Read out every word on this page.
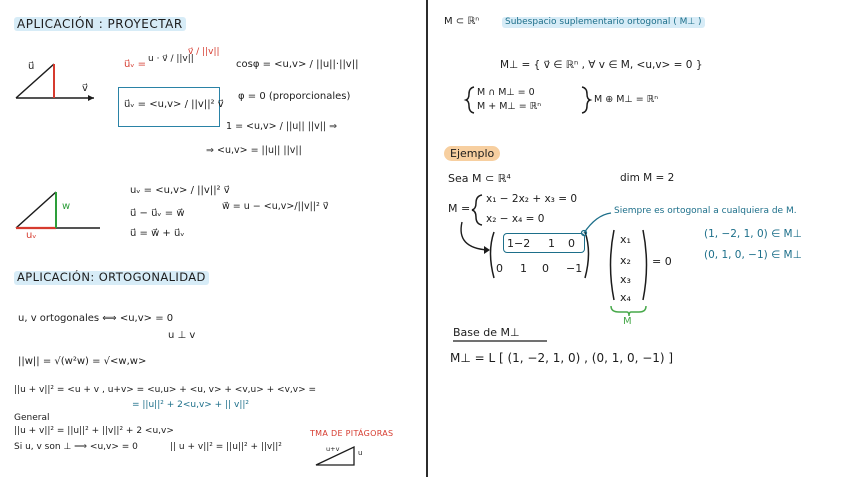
APLICACIÓN : PROYECTAR
u⃗
v⃗
u⃗ᵥ = u · v⃗ / ||v||
v⃗ / ||v||
cosφ = <u,v> / ||u||·||v||
u⃗ᵥ = <u,v> / ||v||² v⃗
φ = 0 (proporcionales)
1 = <u,v> / ||u|| ||v|| ⇒
⇒ <u,v> = ||u|| ||v||
uᵥ = <u,v> / ||v||² v⃗
u⃗ − u⃗ᵥ = w⃗
u⃗ = w⃗ + u⃗ᵥ
w⃗ = u − <u,v>/||v||² v⃗
w
uᵥ
APLICACIÓN: ORTOGONALIDAD
u, v ortogonales ⟺ <u,v> = 0
u ⊥ v
||w|| = √(w²w) = √<w,w>
||u + v||² = <u + v , u+v> = <u,u> + <u, v> + <v,u> + <v,v> =
= ||u||² + 2<u,v> + || v||²
General
||u + v||² = ||u||² + ||v||² + 2 <u,v>
Si u, v son ⊥ ⟹ <u,v> = 0	|| u + v||² = ||u||² + ||v||²
TMA DE PITÁGORAS
u+v	u
M ⊂ ℝⁿ	Subespacio suplementario ortogonal ( M⊥ )
M⊥ = { v⃗ ∈ ℝⁿ , ∀ v ∈ M, <u,v> = 0 }
M ∩ M⊥ = 0
M + M⊥ = ℝⁿ
M ⊕ M⊥ = ℝⁿ
Ejemplo
Sea M ⊂ ℝ⁴	dim M = 2
M =
x₁ − 2x₂ + x₃ = 0
x₂ − x₄ = 0
Siempre es ortogonal a cualquiera de M.
(1, −2, 1, 0) ∈ M⊥
(0, 1, 0, −1) ∈ M⊥
1 −2 1 0
0 1 0 −1
x₁
x₂
x₃
x₄
= 0
M
Base de M⊥
M⊥ = L [ (1, −2, 1, 0) , (0, 1, 0, −1) ]
